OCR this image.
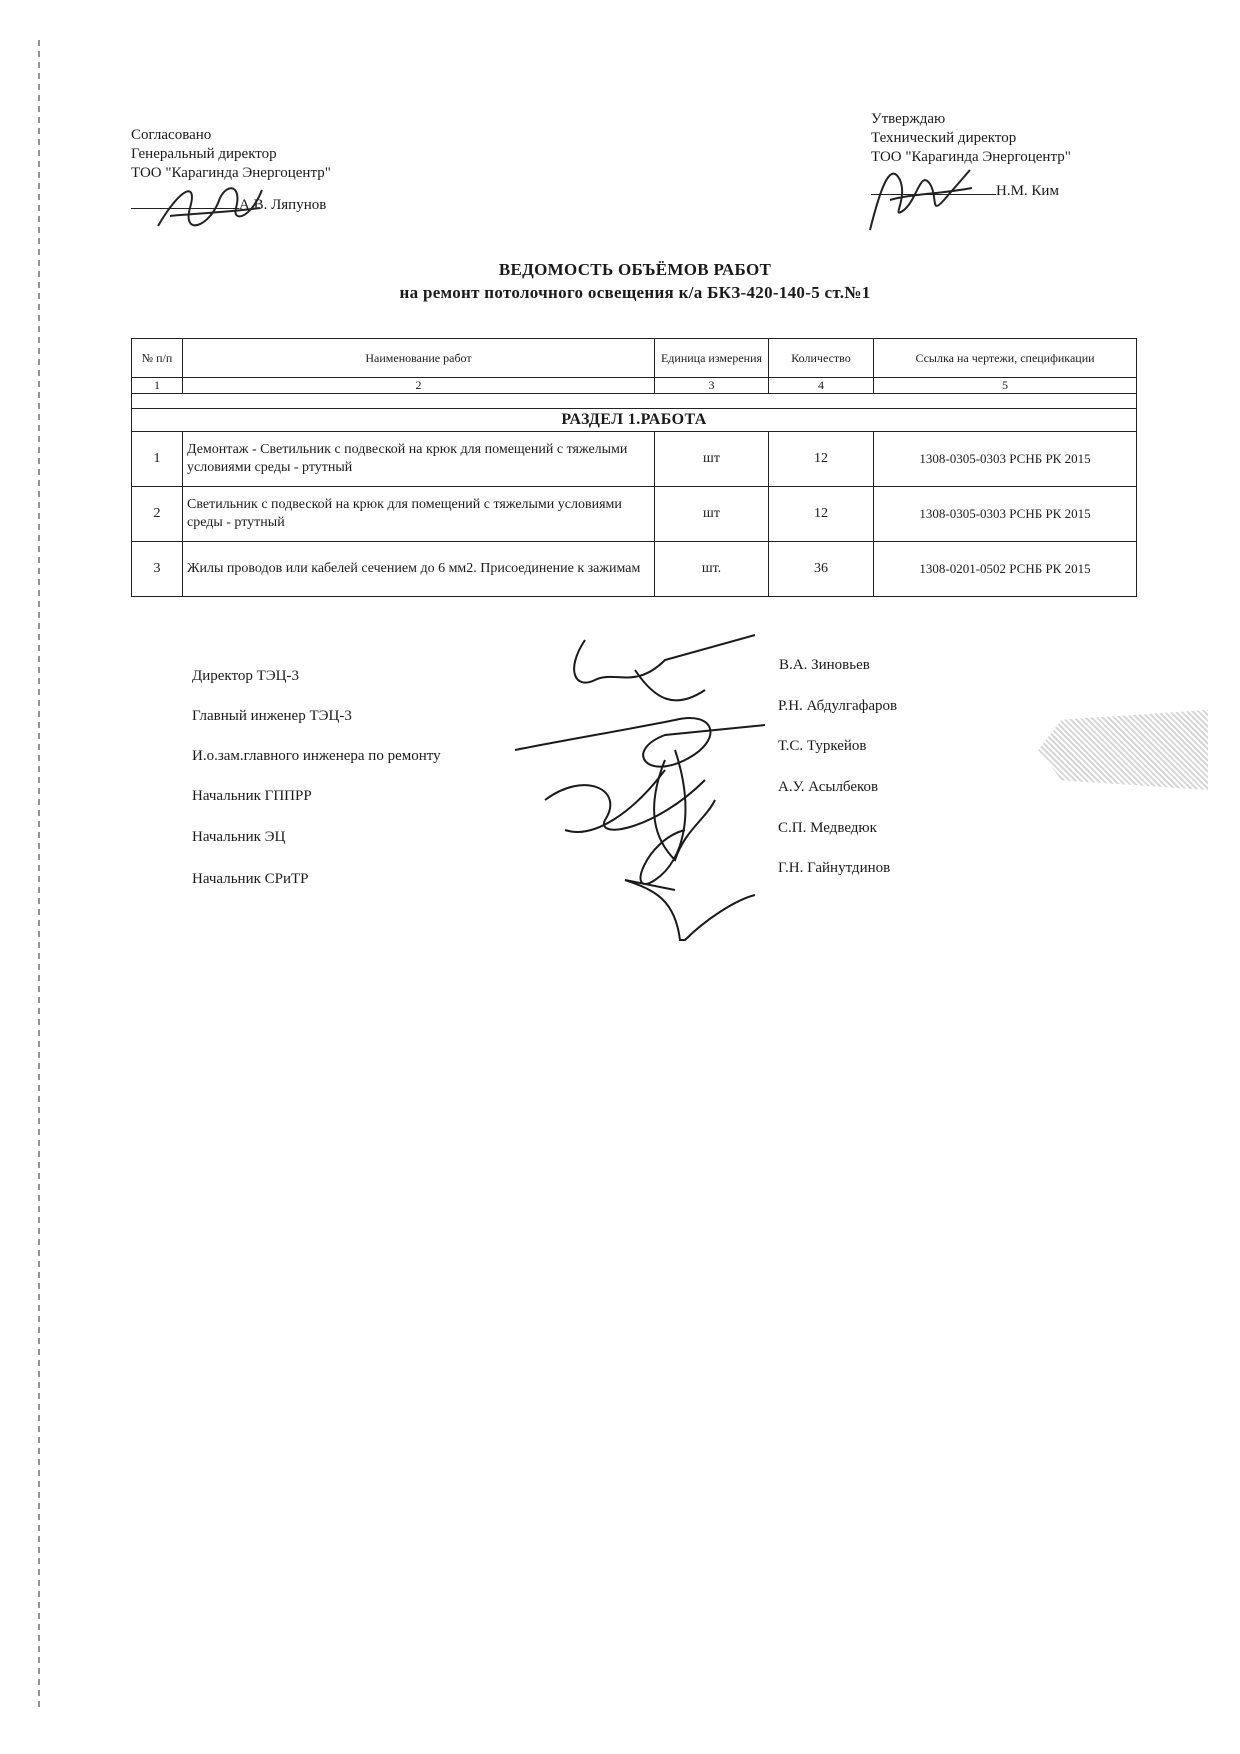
Согласовано
Генеральный директор
ТОО "Карагинда Энергоцентр"
А.В. Ляпунов
Утверждаю
Технический директор
ТОО "Карагинда Энергоцентр"
Н.М. Ким
ВЕДОМОСТЬ ОБЪЁМОВ РАБОТ
на ремонт потолочного освещения к/а БКЗ-420-140-5 ст.№1
№ п/п	Наименование работ	Единица измерения	Количество	Ссылка на чертежи, спецификации
1	2	3	4	5

РАЗДЕЛ 1.РАБОТА				
1	Демонтаж - Светильник с подвеской на крюк для помещений с тяжелыми условиями среды - ртутный	шт	12	1308-0305-0303 РСНБ РК 2015
2	Светильник с подвеской на крюк для помещений с тяжелыми условиями среды - ртутный	шт	12	1308-0305-0303 РСНБ РК 2015
3	Жилы проводов или кабелей сечением до 6 мм2. Присоединение к зажимам	шт.	36	1308-0201-0502 РСНБ РК 2015
Директор ТЭЦ-3
В.А. Зиновьев
Главный инженер ТЭЦ-3
Р.Н. Абдулгафаров
И.о.зам.главного инженера по ремонту
Т.С. Туркейов
Начальник ГППРР
А.У. Асылбеков
Начальник ЭЦ
С.П. Медведюк
Начальник СРиТР
Г.Н. Гайнутдинов
